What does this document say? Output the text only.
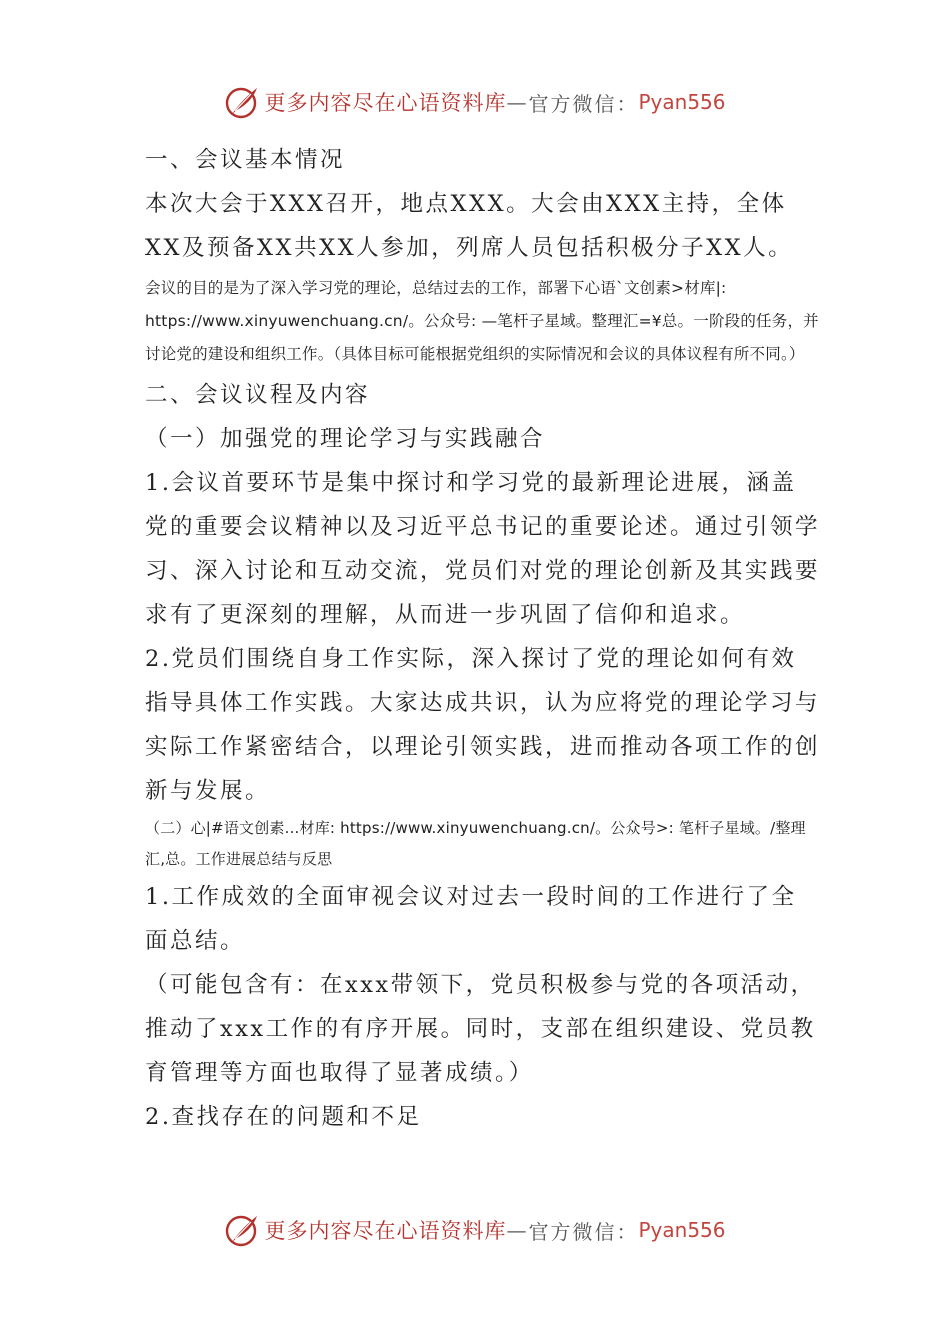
更多内容尽在心语资料库 — 官方微信： Pyan556

一、会议基本情况

本次大会于XXX召开，地点XXX。大会由XXX主持，全体XX及预备XX共XX人参加，列席人员包括积极分子XX人。

会议的目的是为了深入学习党的理论，总结过去的工作，部署下心语`文创素>材库|: https://www.xinyuwenchuang.cn/。公众号: —笔杆子星域。整理汇=¥总。一阶段的任务，并讨论党的建设和组织工作。（具体目标可能根据党组织的实际情况和会议的具体议程有所不同。）

二、会议议程及内容

（一）加强党的理论学习与实践融合

1.会议首要环节是集中探讨和学习党的最新理论进展，涵盖党的重要会议精神以及习近平总书记的重要论述。通过引领学习、深入讨论和互动交流，党员们对党的理论创新及其实践要求有了更深刻的理解，从而进一步巩固了信仰和追求。

2.党员们围绕自身工作实际，深入探讨了党的理论如何有效指导具体工作实践。大家达成共识，认为应将党的理论学习与实际工作紧密结合，以理论引领实践，进而推动各项工作的创新与发展。

（二）心|#语文创素...材库: https://www.xinyuwenchuang.cn/。公众号>: 笔杆子星域。/整理汇,总。工作进展总结与反思

1.工作成效的全面审视会议对过去一段时间的工作进行了全面总结。

（可能包含有：在xxx带领下，党员积极参与党的各项活动，推动了xxx工作的有序开展。同时，支部在组织建设、党员教育管理等方面也取得了显著成绩。）

2.查找存在的问题和不足

更多内容尽在心语资料库 — 官方微信： Pyan556
